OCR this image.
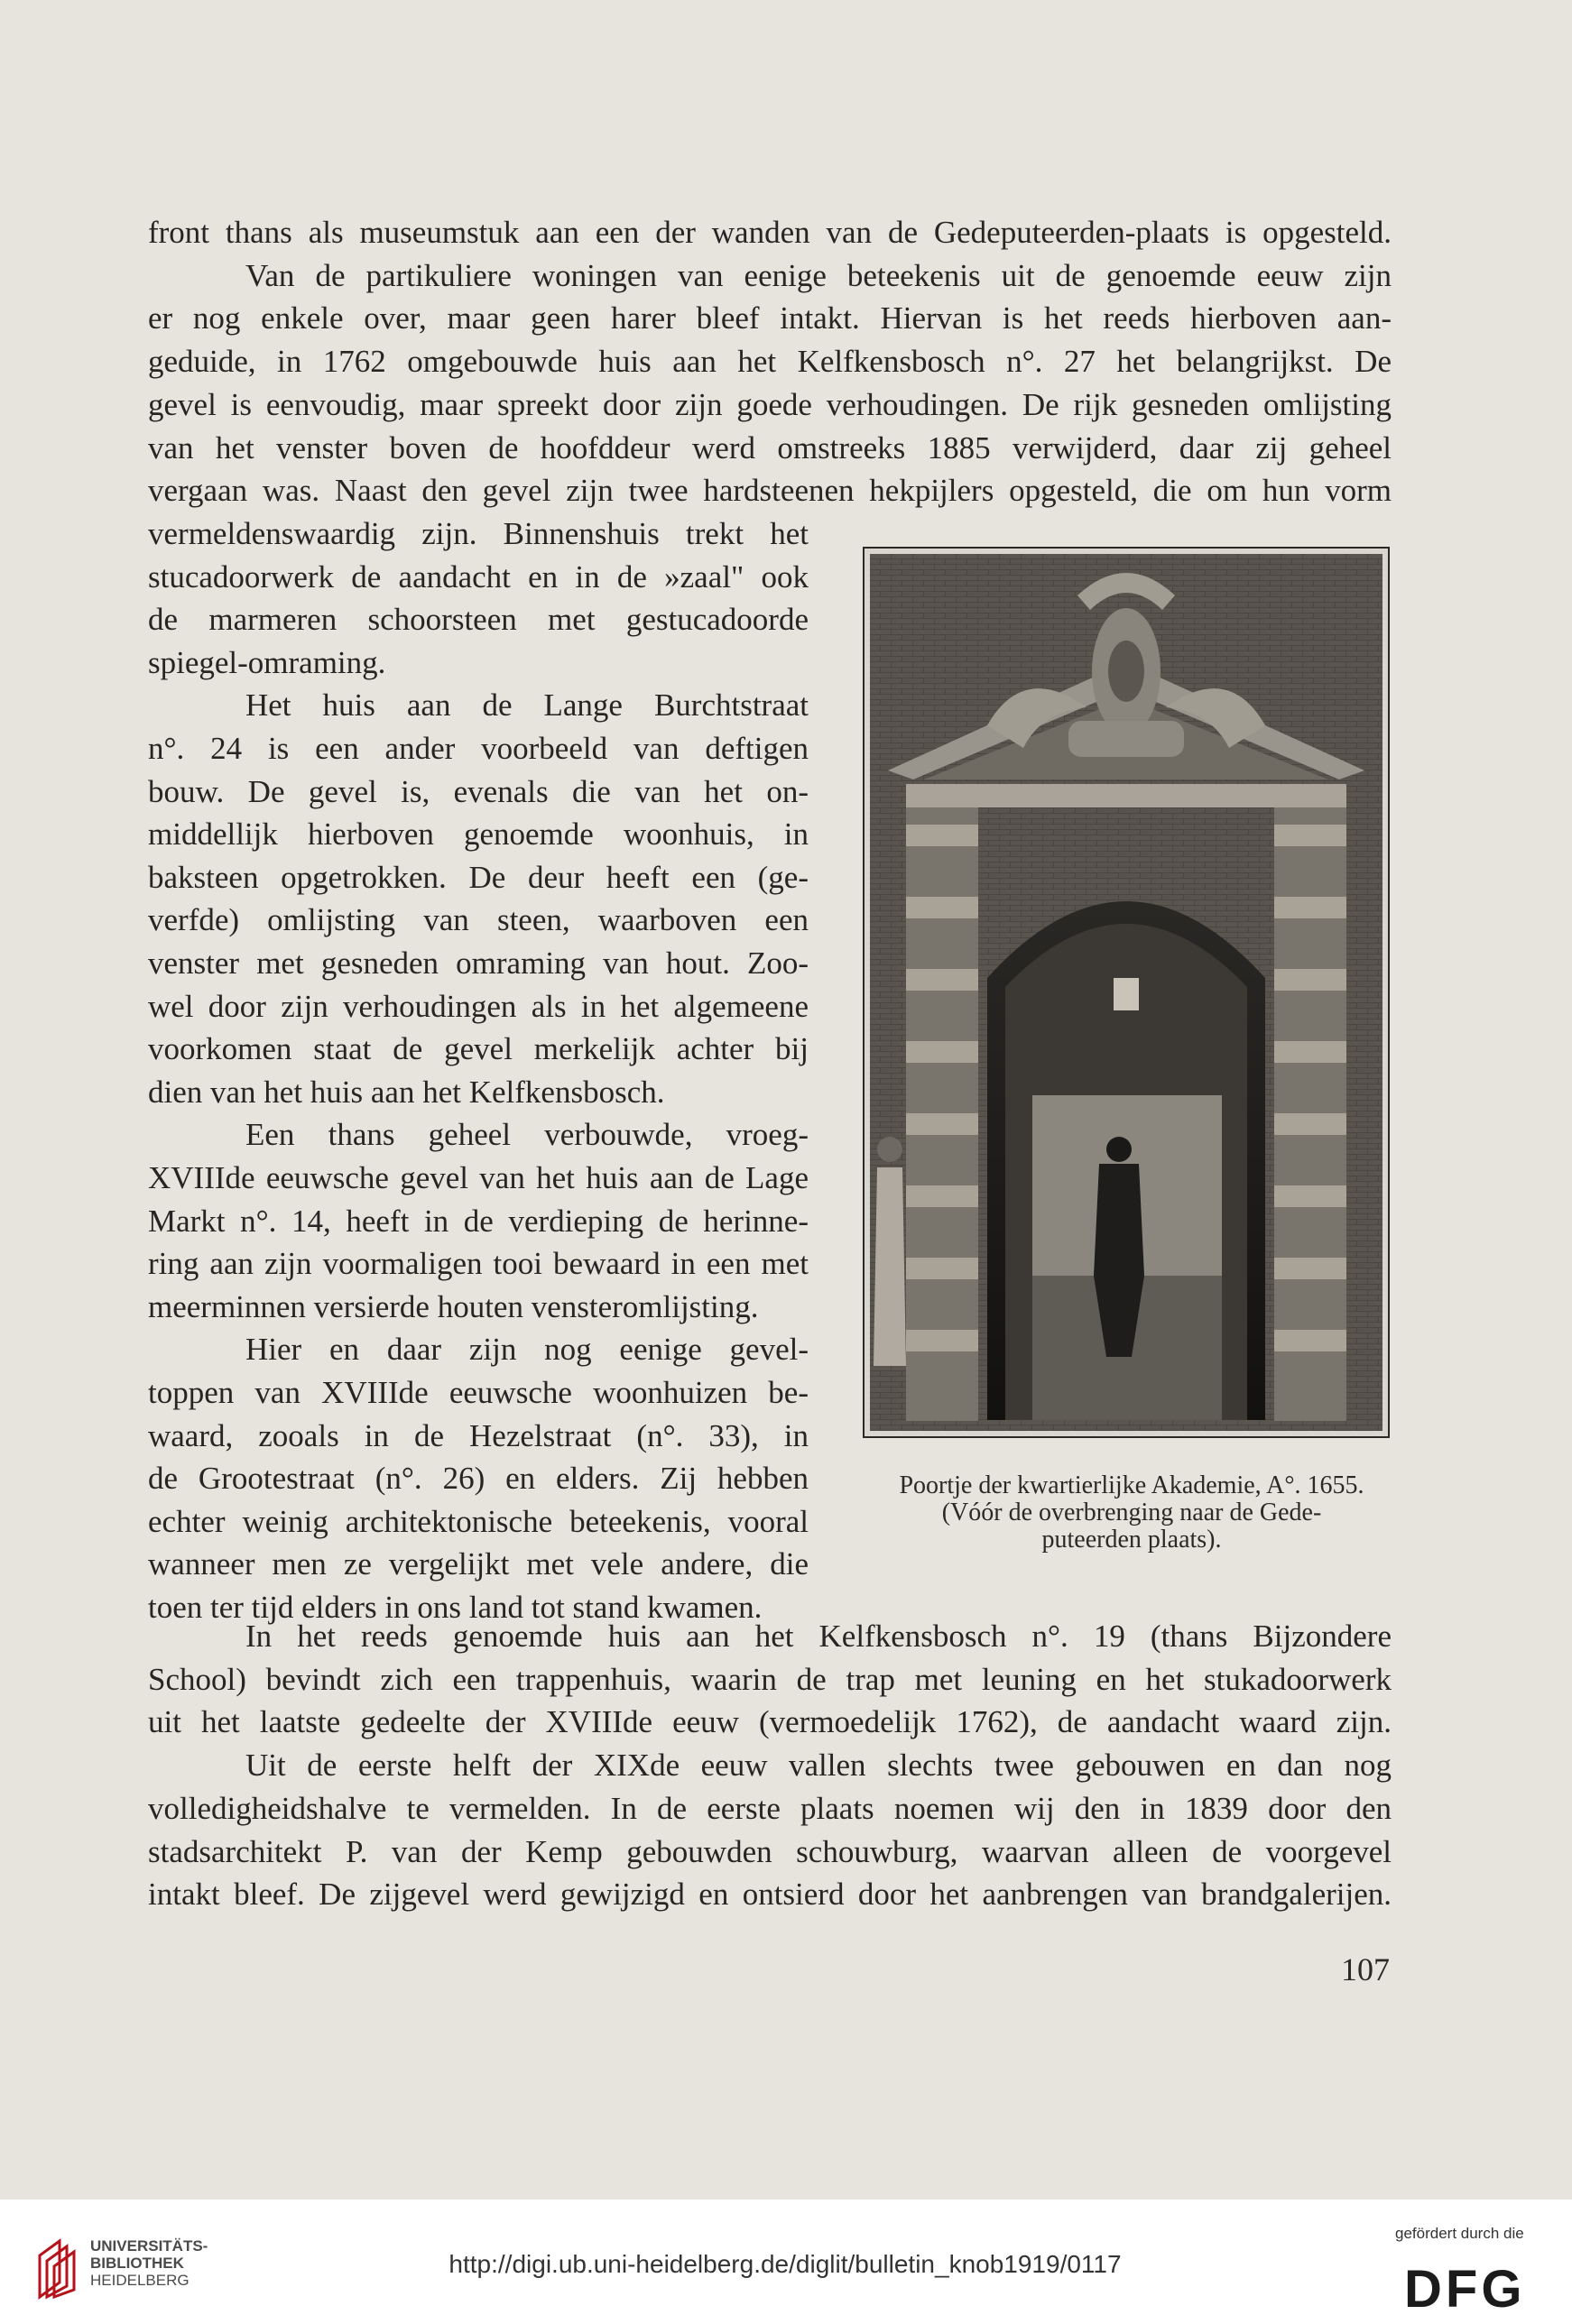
front thans als museumstuk aan een der wanden van de Gedeputeerden-plaats is opgesteld.
Van de partikuliere woningen van eenige beteekenis uit de genoemde eeuw zijn
er nog enkele over, maar geen harer bleef intakt. Hiervan is het reeds hierboven aan-
geduide, in 1762 omgebouwde huis aan het Kelfkensbosch n°. 27 het belangrijkst. De
gevel is eenvoudig, maar spreekt door zijn goede verhoudingen. De rijk gesneden omlijsting
van het venster boven de hoofddeur werd omstreeks 1885 verwijderd, daar zij geheel
vergaan was. Naast den gevel zijn twee hardsteenen hekpijlers opgesteld, die om hun vorm
vermeldenswaardig zijn. Binnenshuis trekt het
stucadoorwerk de aandacht en in de »zaal" ook
de marmeren schoorsteen met gestucadoorde
spiegel-omraming.
Het huis aan de Lange Burchtstraat
n°. 24 is een ander voorbeeld van deftigen
bouw. De gevel is, evenals die van het on-
middellijk hierboven genoemde woonhuis, in
baksteen opgetrokken. De deur heeft een (ge-
verfde) omlijsting van steen, waarboven een
venster met gesneden omraming van hout. Zoo-
wel door zijn verhoudingen als in het algemeene
voorkomen staat de gevel merkelijk achter bij
dien van het huis aan het Kelfkensbosch.
Een thans geheel verbouwde, vroeg-
XVIIIde eeuwsche gevel van het huis aan de Lage
Markt n°. 14, heeft in de verdieping de herinne-
ring aan zijn voormaligen tooi bewaard in een met
meerminnen versierde houten vensteromlijsting.
Hier en daar zijn nog eenige gevel-
toppen van XVIIIde eeuwsche woonhuizen be-
waard, zooals in de Hezelstraat (n°. 33), in
de Grootestraat (n°. 26) en elders. Zij hebben
echter weinig architektonische beteekenis, vooral
wanneer men ze vergelijkt met vele andere, die
toen ter tijd elders in ons land tot stand kwamen.
Poortje der kwartierlijke Akademie, A°. 1655.
(Vóór de overbrenging naar de Gede-
puteerden plaats).
In het reeds genoemde huis aan het Kelfkensbosch n°. 19 (thans Bijzondere
School) bevindt zich een trappenhuis, waarin de trap met leuning en het stukadoorwerk
uit het laatste gedeelte der XVIIIde eeuw (vermoedelijk 1762), de aandacht waard zijn.
Uit de eerste helft der XIXde eeuw vallen slechts twee gebouwen en dan nog
volledigheidshalve te vermelden. In de eerste plaats noemen wij den in 1839 door den
stadsarchitekt P. van der Kemp gebouwden schouwburg, waarvan alleen de voorgevel
intakt bleef. De zijgevel werd gewijzigd en ontsierd door het aanbrengen van brandgalerijen.
107
UNIVERSITÄTS-
BIBLIOTHEK
HEIDELBERG
http://digi.ub.uni-heidelberg.de/diglit/bulletin_knob1919/0117
gefördert durch die
DFG
